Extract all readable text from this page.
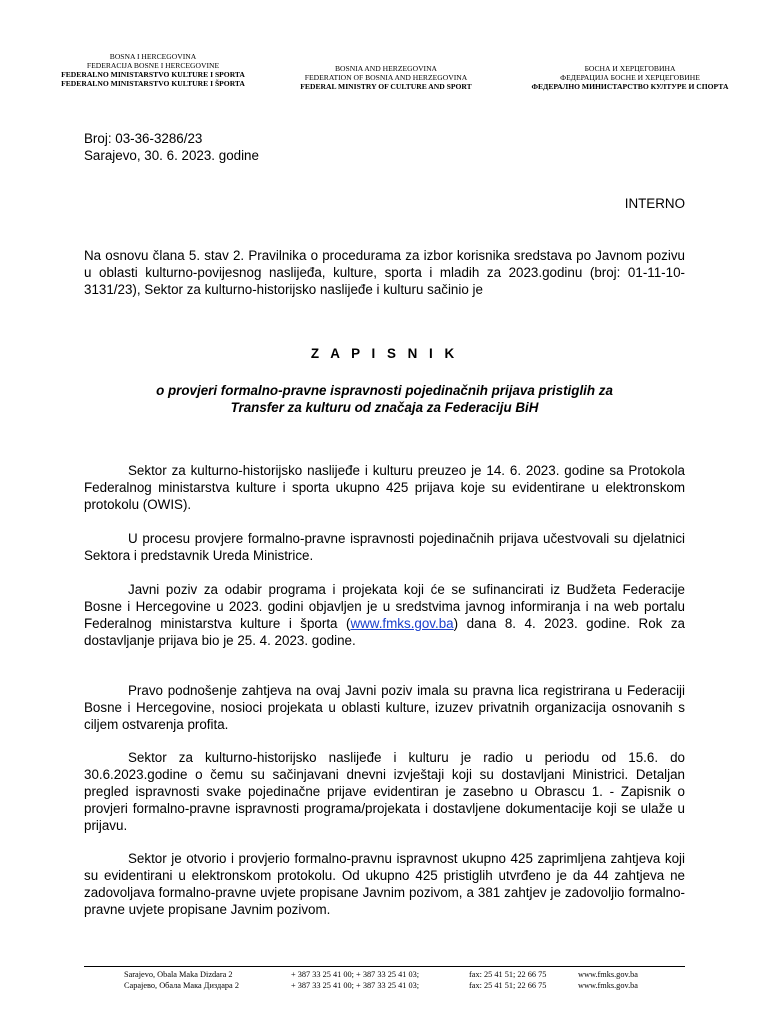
BOSNA I HERCEGOVINA
FEDERACIJA BOSNE I HERCEGOVINE
FEDERALNO MINISTARSTVO KULTURE I SPORTA
FEDERALNO MINISTARSTVO KULTURE I ŠPORTA
BOSNIA AND HERZEGOVINA
FEDERATION OF BOSNIA AND HERZEGOVINA
FEDERAL MINISTRY OF CULTURE AND SPORT
БОСНА И ХЕРЦЕГОВИНА
ФЕДЕРАЦИЈА БОСНЕ И ХЕРЦЕГОВИНЕ
ФЕДЕРАЛНО МИНИСТАРСТВО КУЛТУРЕ И СПОРТА
Broj: 03-36-3286/23
Sarajevo, 30. 6. 2023. godine
INTERNO
Na osnovu člana 5. stav 2. Pravilnika o procedurama za izbor korisnika sredstava po Javnom pozivu u oblasti kulturno-povijesnog naslijeđa, kulture, sporta i mladih za 2023.godinu (broj: 01-11-10-3131/23), Sektor za kulturno-historijsko naslijeđe i kulturu sačinio je
Z A P I S N I K
o provjeri formalno-pravne ispravnosti pojedinačnih prijava pristiglih za
Transfer za kulturu od značaja za Federaciju BiH
Sektor za kulturno-historijsko naslijeđe i kulturu preuzeo je 14. 6. 2023. godine sa Protokola Federalnog ministarstva kulture i sporta ukupno 425 prijava koje su evidentirane u elektronskom protokolu (OWIS).
U procesu provjere formalno-pravne ispravnosti pojedinačnih prijava učestvovali su djelatnici Sektora i predstavnik Ureda Ministrice.
Javni poziv za odabir programa i projekata koji će se sufinancirati iz Budžeta Federacije Bosne i Hercegovine u 2023. godini objavljen je u sredstvima javnog informiranja i na web portalu Federalnog ministarstva kulture i športa (www.fmks.gov.ba) dana 8. 4. 2023. godine. Rok za dostavljanje prijava bio je 25. 4. 2023. godine.
Pravo podnošenje zahtjeva na ovaj Javni poziv imala su pravna lica registrirana u Federaciji Bosne i Hercegovine, nosioci projekata u oblasti kulture, izuzev privatnih organizacija osnovanih s ciljem ostvarenja profita.
Sektor za kulturno-historijsko naslijeđe i kulturu je radio u periodu od 15.6. do 30.6.2023.godine o čemu su sačinjavani dnevni izvještaji koji su dostavljani Ministrici. Detaljan pregled ispravnosti svake pojedinačne prijave evidentiran je zasebno u Obrascu 1. - Zapisnik o provjeri formalno-pravne ispravnosti programa/projekata i dostavljene dokumentacije koji se ulaže u prijavu.
Sektor je otvorio i provjerio formalno-pravnu ispravnost ukupno 425 zaprimljena zahtjeva koji su evidentirani u elektronskom protokolu. Od ukupno 425 pristiglih utvrđeno je da 44 zahtjeva ne zadovoljava formalno-pravne uvjete propisane Javnim pozivom, a 381 zahtjev je zadovoljio formalno-pravne uvjete propisane Javnim pozivom.
Sarajevo, Obala Maka Dizdara 2
Сарајево, Обала Мака Диздара 2
+ 387 33 25 41 00; + 387 33 25 41 03;
+ 387 33 25 41 00; + 387 33 25 41 03;
fax: 25 41 51; 22 66 75
fax: 25 41 51; 22 66 75
www.fmks.gov.ba
www.fmks.gov.ba
